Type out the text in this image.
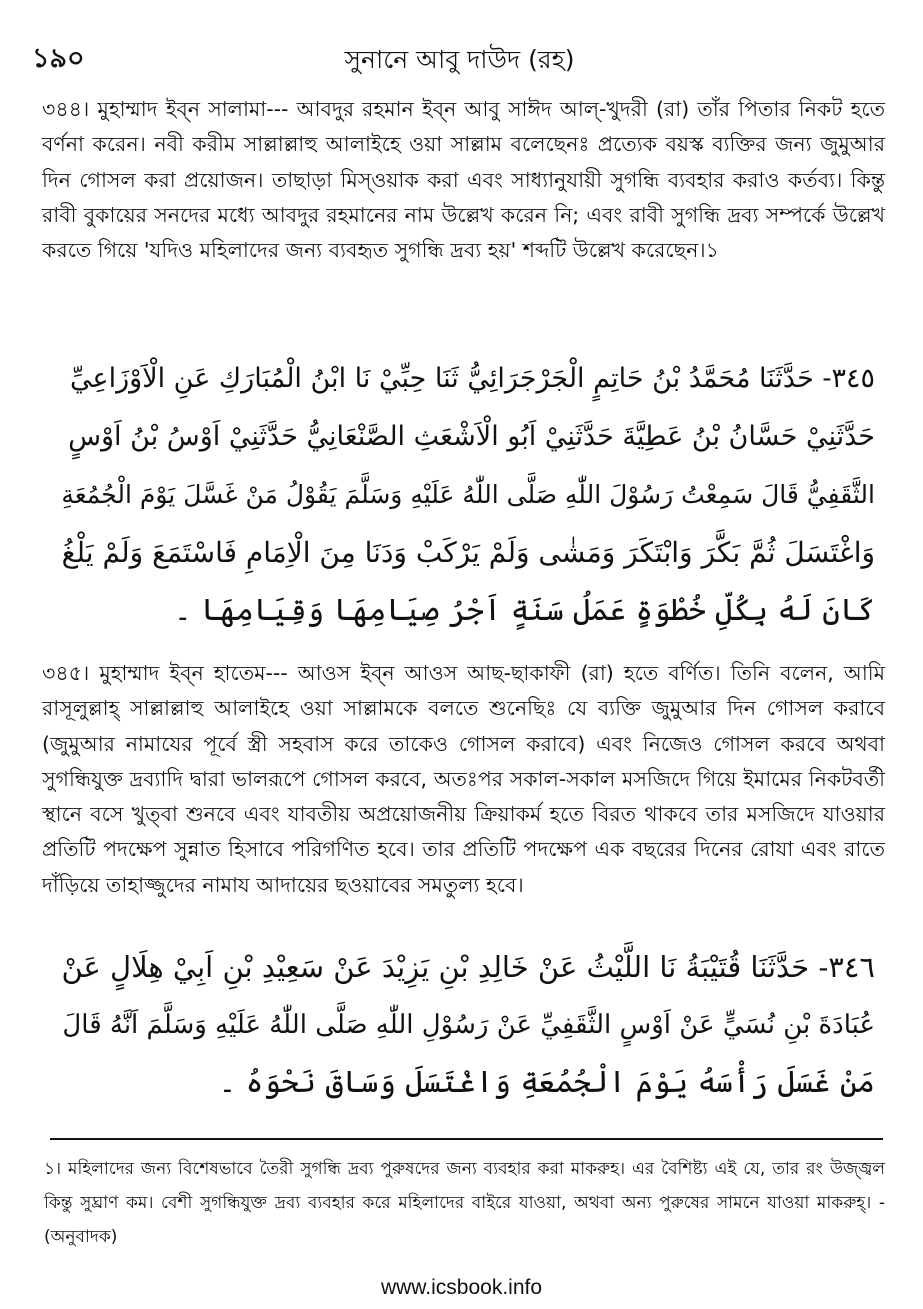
১৯০	সুনানে আবু দাউদ (রহ)

৩৪৪। মুহাম্মাদ ইব্‌ন সালামা--- আবদুর রহমান ইব্‌ন আবু সাঈদ আল্‌-খুদরী (রা) তাঁর পিতার নিকট হতে বর্ণনা করেন। নবী করীম সাল্লাল্লাহু আলাইহে ওয়া সাল্লাম বলেছেনঃ প্রত্যেক বয়স্ক ব্যক্তির জন্য জুমুআর দিন গোসল করা প্রয়োজন। তাছাড়া মিস্‌ওয়াক করা এবং সাধ্যানুযায়ী সুগন্ধি ব্যবহার করাও কর্তব্য। কিন্তু রাবী বুকায়ের সনদের মধ্যে আবদুর রহমানের নাম উল্লেখ করেন নি; এবং রাবী সুগন্ধি দ্রব্য সম্পর্কে উল্লেখ করতে গিয়ে 'যদিও মহিলাদের জন্য ব্যবহৃত সুগন্ধি দ্রব্য হয়' শব্দটি উল্লেখ করেছেন।১

٣٤٥- حَدَّثَنَا مُحَمَّدُ بْنُ حَاتِمٍ الْجَرْجَرَائِيُّ ثَنَا حِبِّيْ نَا ابْنُ الْمُبَارَكِ عَنِ الْاَوْزَاعِيِّ
حَدَّثَنِيْ حَسَّانُ بْنُ عَطِيَّةَ حَدَّثَنِيْ اَبُو الْاَشْعَثِ الصَّنْعَانِيُّ حَدَّثَنِيْ اَوْسُ بْنُ اَوْسٍ
الثَّقَفِيُّ قَالَ سَمِعْتُ رَسُوْلَ اللّٰهِ صَلَّى اللّٰهُ عَلَيْهِ وَسَلَّمَ يَقُوْلُ مَنْ غَسَّلَ يَوْمَ الْجُمُعَةِ
وَاغْتَسَلَ ثُمَّ بَكَّرَ وَابْتَكَرَ وَمَشٰى وَلَمْ يَرْكَبْ وَدَنَا مِنَ الْاِمَامِ فَاسْتَمَعَ وَلَمْ يَلْغُ
كَانَ لَهُ بِكُلِّ خُطْوَةٍ عَمَلُ سَنَةٍ اَجْرُ صِيَامِهَا وَقِيَامِهَا ۔

৩৪৫। মুহাম্মাদ ইব্‌ন হাতেম--- আওস ইব্‌ন আওস আছ-ছাকাফী (রা) হতে বর্ণিত। তিনি বলেন, আমি রাসূলুল্লাহ্‌ সাল্লাল্লাহু আলাইহে ওয়া সাল্লামকে বলতে শুনেছিঃ যে ব্যক্তি জুমুআর দিন গোসল করাবে (জুমুআর নামাযের পূর্বে স্ত্রী সহবাস করে তাকেও গোসল করাবে) এবং নিজেও গোসল করবে অথবা সুগন্ধিযুক্ত দ্রব্যাদি দ্বারা ভালরূপে গোসল করবে, অতঃপর সকাল-সকাল মসজিদে গিয়ে ইমামের নিকটবর্তী স্থানে বসে খুত্‌বা শুনবে এবং যাবতীয় অপ্রয়োজনীয় ক্রিয়াকর্ম হতে বিরত থাকবে তার মসজিদে যাওয়ার প্রতিটি পদক্ষেপ সুন্নাত হিসাবে পরিগণিত হবে। তার প্রতিটি পদক্ষেপ এক বছরের দিনের রোযা এবং রাতে দাঁড়িয়ে তাহাজ্জুদের নামায আদায়ের ছওয়াবের সমতুল্য হবে।

٣٤٦- حَدَّثَنَا قُتَيْبَةُ نَا اللَّيْثُ عَنْ خَالِدِ بْنِ يَزِيْدَ عَنْ سَعِيْدِ بْنِ اَبِيْ هِلَالٍ عَنْ
عُبَادَةَ بْنِ نُسَيٍّ عَنْ اَوْسٍ الثَّقَفِيِّ عَنْ رَسُوْلِ اللّٰهِ صَلَّى اللّٰهُ عَلَيْهِ وَسَلَّمَ اَنَّهُ قَالَ
مَنْ غَسَلَ رَأْسَهُ يَوْمَ الْجُمُعَةِ وَاغْتَسَلَ وَسَاقَ نَحْوَهُ ۔

১। মহিলাদের জন্য বিশেষভাবে তৈরী সুগন্ধি দ্রব্য পুরুষদের জন্য ব্যবহার করা মাকরুহ। এর বৈশিষ্ট্য এই যে, তার রং উজ্জ্বল কিন্তু সুঘ্রাণ কম। বেশী সুগন্ধিযুক্ত দ্রব্য ব্যবহার করে মহিলাদের বাইরে যাওয়া, অথবা অন্য পুরুষের সামনে যাওয়া মাকরুহ্‌। -(অনুবাদক)

www.icsbook.info
